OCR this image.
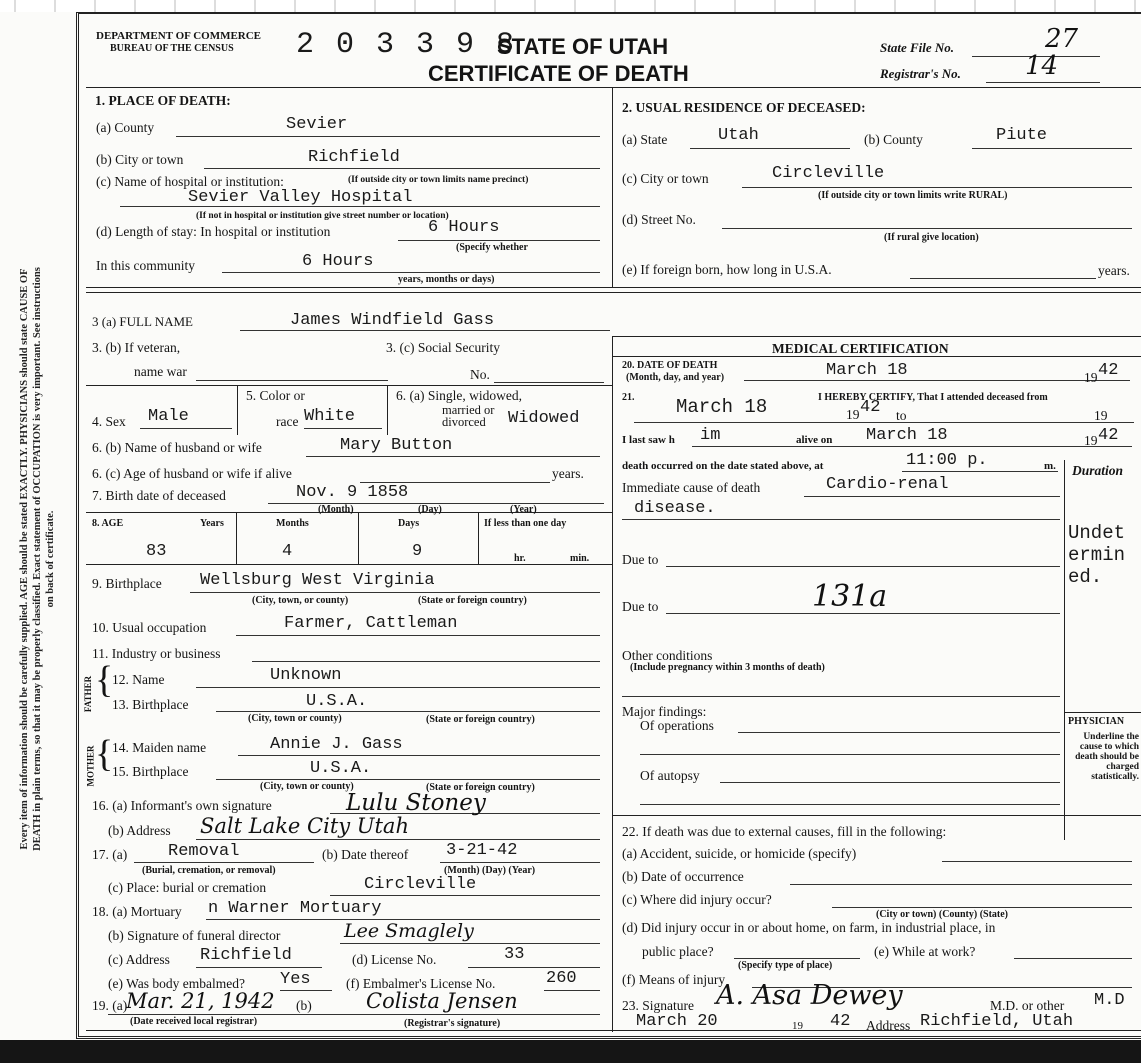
Every item of information should be carefully supplied. AGE should be stated EXACTLY. PHYSICIANS should state CAUSE OF DEATH in plain terms, so that it may be properly classified. Exact statement of OCCUPATION is very important. See instructions on back of certificate.
DEPARTMENT OF COMMERCE
BUREAU OF THE CENSUS 2 0 3 3 9 8
STATE OF UTAH
CERTIFICATE OF DEATH
State File No.	27
Registrar's No. 14
1. PLACE OF DEATH:
(a) County	Sevier
(b) City or town	Richfield
(c) Name of hospital or institution:	(If outside city or town limits name precinct)
Sevier Valley Hospital
(If not in hospital or institution give street number or location)
(d) Length of stay: In hospital or institution	6 Hours
(Specify whether
In this community	6 Hours
years, months or days)
2. USUAL RESIDENCE OF DECEASED:
(a) State	Utah	(b) County	Piute
(c) City or town	Circleville
(If outside city or town limits write RURAL)
(d) Street No.
(If rural give location)
(e) If foreign born, how long in U.S.A.	years.
3 (a) FULL NAME	James Windfield Gass
3. (b) If veteran,
name war
3. (c) Social Security
No.
4. Sex Male
5. Color or
race White
6. (a) Single, widowed,
married or
divorced Widowed
6. (b) Name of husband or wife	Mary Button
6. (c) Age of husband or wife if alive	years.
7. Birth date of deceased	Nov. 9 1858
(Month)	(Day)	(Year)
8. AGE	Years	Months	Days	If less than one day
83	4	9	hr.	min.
9. Birthplace Wellsburg West Virginia
(City, town, or county)	(State or foreign country)
10. Usual occupation	Farmer, Cattleman
11. Industry or business
FATHER
MOTHER
{
{
12. Name	Unknown
13. Birthplace	U.S.A.
(City, town or county)	(State or foreign country)
14. Maiden name	Annie J. Gass
15. Birthplace	U.S.A.
(City, town or county)	(State or foreign country)
16. (a) Informant's own signature	Lulu Stoney
(b) Address Salt Lake City Utah
17. (a) Removal
(Burial, cremation, or removal)
(b) Date thereof 3-21-42
(Month) (Day) (Year)
(c) Place: burial or cremation	Circleville
18. (a) Mortuary n Warner Mortuary
(b) Signature of funeral director	Lee Smaglely
(c) Address Richfield	(d) License No.	33
(e) Was body embalmed? Yes	(f) Embalmer's License No.	260
19. (a)
Mar. 21, 1942 (b)	Colista Jensen
(Date received local registrar)	(Registrar's signature)
MEDICAL CERTIFICATION
20. DATE OF DEATH
(Month, day, and year)	March 18	19 42
21. March 18	19 42
I HEREBY CERTIFY, That I attended deceased from
to	19
I last saw h im	alive on March 18	19 42
death occurred on the date stated above, at	11:00 p.	m. Duration
Immediate cause of death	Cardio-renal
disease.
Undet
ermin
ed.
Due to
Due to	131a
Other conditions
(Include pregnancy within 3 months of death)
Major findings:
Of operations
Of autopsy
PHYSICIAN
Underline the cause to which death should be charged statistically.
22. If death was due to external causes, fill in the following:
(a) Accident, suicide, or homicide (specify)
(b) Date of occurrence
(c) Where did injury occur?
(City or town) (County) (State)
(d) Did injury occur in or about home, on farm, in industrial place, in
public place?
(Specify type of place)
(e) While at work?
(f) Means of injury
23. Signature A. Asa Dewey	M.D. or other M.D
March 20	19 42 Address Richfield, Utah
